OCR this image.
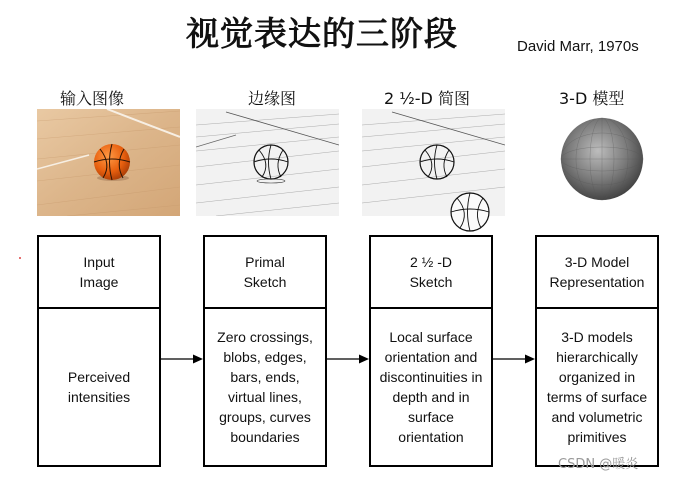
视觉表达的三阶段	David Marr, 1970s
输入图像	边缘图	2 ½-D 简图	3-D 模型
Input
Image
Perceived
intensities
Primal
Sketch
Zero crossings,
blobs, edges,
bars, ends,
virtual lines,
groups, curves
boundaries
2 ½ -D
Sketch
Local surface
orientation and
discontinuities in
depth and in
surface
orientation
3-D Model
Representation
3-D models
hierarchically
organized in
terms of surface
and volumetric
primitives
CSDN @暖炎
